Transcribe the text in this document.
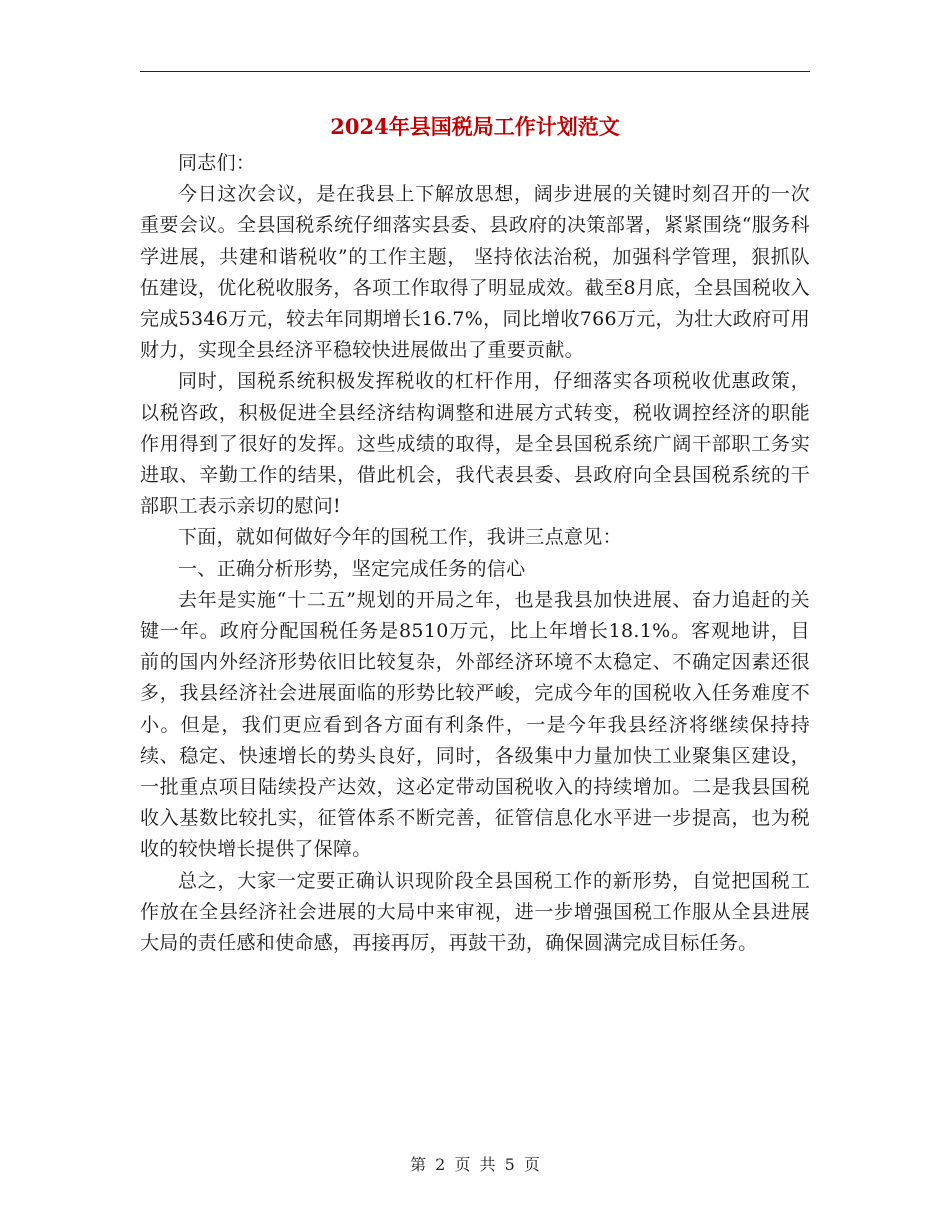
2024年县国税局工作计划范文

同志们：

今日这次会议，是在我县上下解放思想，阔步进展的关键时刻召开的一次重要会议。全县国税系统仔细落实县委、县政府的决策部署，紧紧围绕“服务科学进展，共建和谐税收”的工作主题， 坚持依法治税，加强科学管理，狠抓队伍建设，优化税收服务，各项工作取得了明显成效。截至8月底，全县国税收入完成5346万元，较去年同期增长16.7%，同比增收766万元，为壮大政府可用财力，实现全县经济平稳较快进展做出了重要贡献。

同时，国税系统积极发挥税收的杠杆作用，仔细落实各项税收优惠政策，以税咨政，积极促进全县经济结构调整和进展方式转变，税收调控经济的职能作用得到了很好的发挥。这些成绩的取得，是全县国税系统广阔干部职工务实进取、辛勤工作的结果，借此机会，我代表县委、县政府向全县国税系统的干部职工表示亲切的慰问!

下面，就如何做好今年的国税工作，我讲三点意见：

一、正确分析形势，坚定完成任务的信心

去年是实施“十二五”规划的开局之年，也是我县加快进展、奋力追赶的关键一年。政府分配国税任务是8510万元，比上年增长18.1%。客观地讲，目前的国内外经济形势依旧比较复杂，外部经济环境不太稳定、不确定因素还很多，我县经济社会进展面临的形势比较严峻，完成今年的国税收入任务难度不小。但是，我们更应看到各方面有利条件，一是今年我县经济将继续保持持续、稳定、快速增长的势头良好，同时，各级集中力量加快工业聚集区建设，一批重点项目陆续投产达效，这必定带动国税收入的持续增加。二是我县国税收入基数比较扎实，征管体系不断完善，征管信息化水平进一步提高，也为税收的较快增长提供了保障。

总之，大家一定要正确认识现阶段全县国税工作的新形势，自觉把国税工作放在全县经济社会进展的大局中来审视，进一步增强国税工作服从全县进展大局的责任感和使命感，再接再厉，再鼓干劲，确保圆满完成目标任务。

第 2 页 共 5 页
